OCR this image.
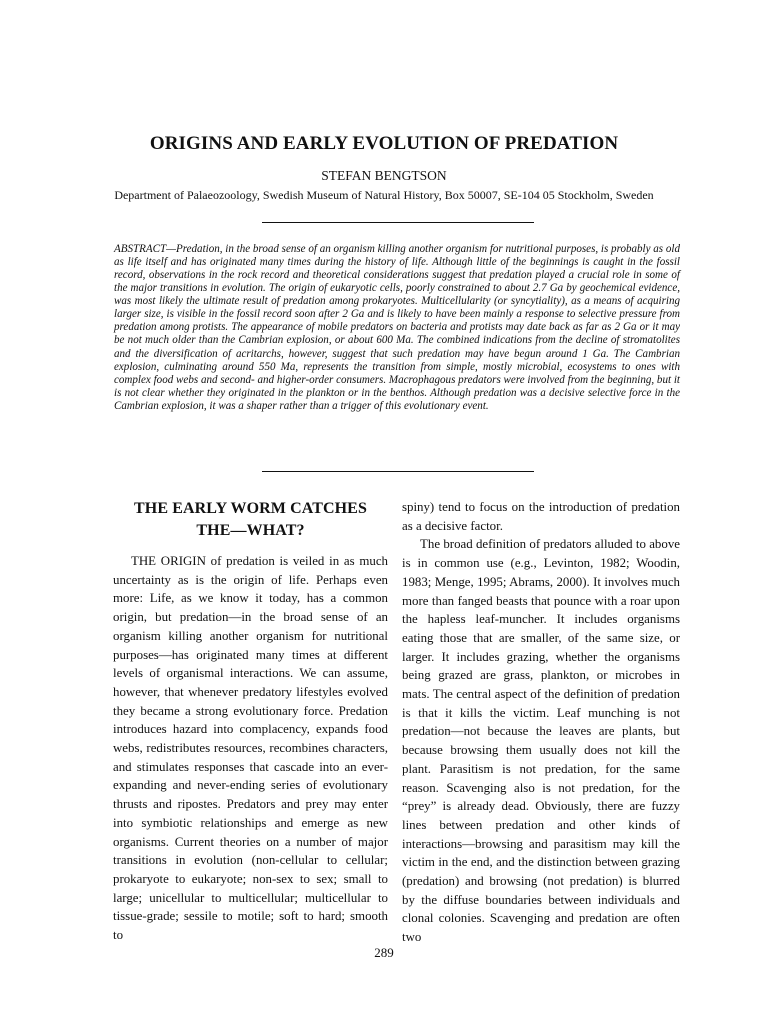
ORIGINS AND EARLY EVOLUTION OF PREDATION

STEFAN BENGTSON

Department of Palaeozoology, Swedish Museum of Natural History, Box 50007, SE-104 05 Stockholm, Sweden

ABSTRACT—Predation, in the broad sense of an organism killing another organism for nutritional purposes, is probably as old as life itself and has originated many times during the history of life. Although little of the beginnings is caught in the fossil record, observations in the rock record and theoretical considerations suggest that predation played a crucial role in some of the major transitions in evolution. The origin of eukaryotic cells, poorly constrained to about 2.7 Ga by geochemical evidence, was most likely the ultimate result of predation among prokaryotes. Multicellularity (or syncytiality), as a means of acquiring larger size, is visible in the fossil record soon after 2 Ga and is likely to have been mainly a response to selective pressure from predation among protists. The appearance of mobile predators on bacteria and protists may date back as far as 2 Ga or it may be not much older than the Cambrian explosion, or about 600 Ma. The combined indications from the decline of stromatolites and the diversification of acritarchs, however, suggest that such predation may have begun around 1 Ga. The Cambrian explosion, culminating around 550 Ma, represents the transition from simple, mostly microbial, ecosystems to ones with complex food webs and second- and higher-order consumers. Macrophagous predators were involved from the beginning, but it is not clear whether they originated in the plankton or in the benthos. Although predation was a decisive selective force in the Cambrian explosion, it was a shaper rather than a trigger of this evolutionary event.

THE EARLY WORM CATCHES
THE—WHAT?

THE ORIGIN of predation is veiled in as much uncertainty as is the origin of life. Perhaps even more: Life, as we know it today, has a common origin, but predation—in the broad sense of an organism killing another organism for nutritional purposes—has originated many times at different levels of organismal interactions. We can assume, however, that whenever predatory lifestyles evolved they became a strong evolutionary force. Predation introduces hazard into complacency, expands food webs, redistributes resources, recombines characters, and stimulates responses that cascade into an ever-expanding and never-ending series of evolutionary thrusts and ripostes. Predators and prey may enter into symbiotic relationships and emerge as new organisms. Current theories on a number of major transitions in evolution (non-cellular to cellular; prokaryote to eukaryote; non-sex to sex; small to large; unicellular to multicellular; multicellular to tissue-grade; sessile to motile; soft to hard; smooth to

spiny) tend to focus on the introduction of predation as a decisive factor.

The broad definition of predators alluded to above is in common use (e.g., Levinton, 1982; Woodin, 1983; Menge, 1995; Abrams, 2000). It involves much more than fanged beasts that pounce with a roar upon the hapless leaf-muncher. It includes organisms eating those that are smaller, of the same size, or larger. It includes grazing, whether the organisms being grazed are grass, plankton, or microbes in mats. The central aspect of the definition of predation is that it kills the victim. Leaf munching is not predation—not because the leaves are plants, but because browsing them usually does not kill the plant. Parasitism is not predation, for the same reason. Scavenging also is not predation, for the “prey” is already dead. Obviously, there are fuzzy lines between predation and other kinds of interactions—browsing and parasitism may kill the victim in the end, and the distinction between grazing (predation) and browsing (not predation) is blurred by the diffuse boundaries between individuals and clonal colonies. Scavenging and predation are often two

289
